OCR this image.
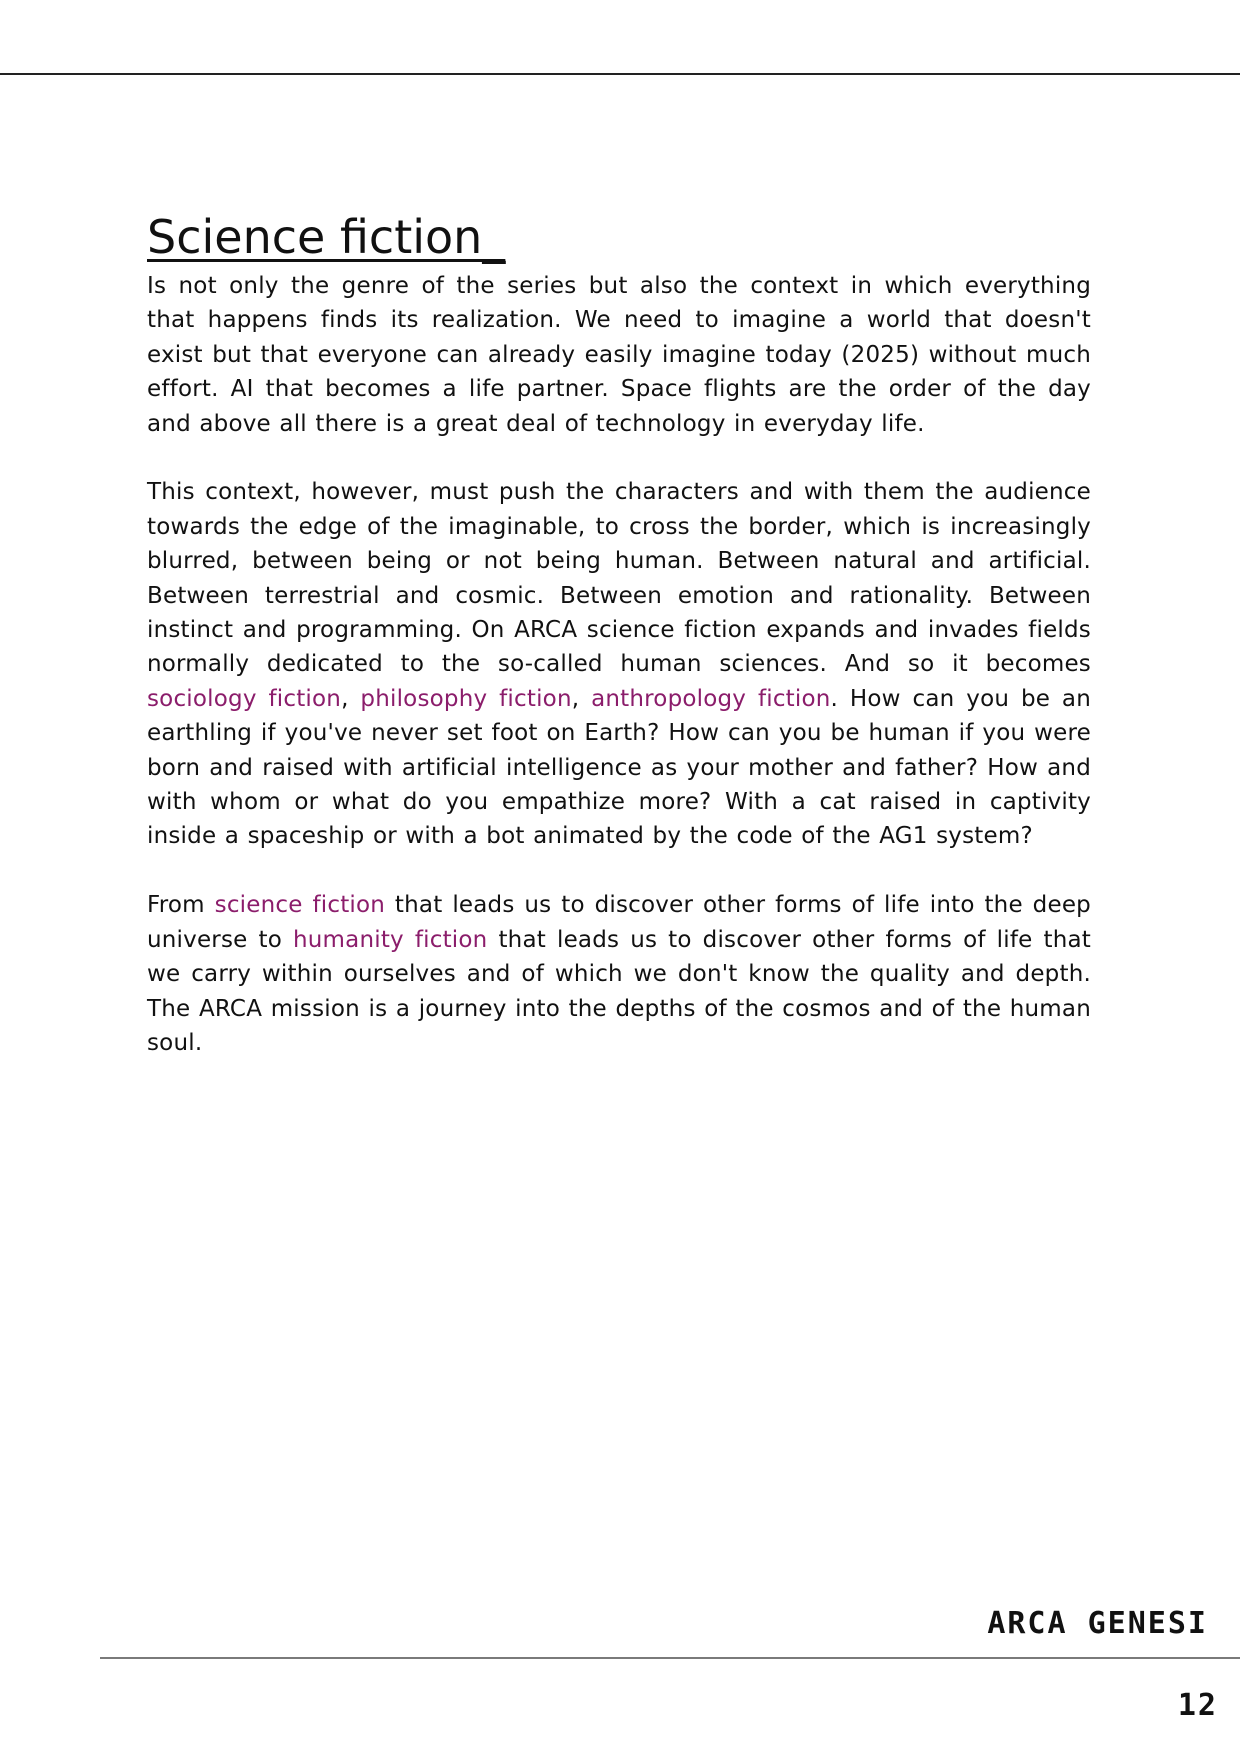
Science fiction_

Is not only the genre of the series but also the context in which everything that happens finds its realization. We need to imagine a world that doesn't exist but that everyone can already easily imagine today (2025) without much effort. AI that becomes a life partner. Space flights are the order of the day and above all there is a great deal of technology in everyday life.

This context, however, must push the characters and with them the audience towards the edge of the imaginable, to cross the border, which is increasingly blurred, between being or not being human. Between natural and artificial. Between terrestrial and cosmic. Between emotion and rationality. Between instinct and programming. On ARCA science fiction expands and invades fields normally dedicated to the so-called human sciences. And so it becomes sociology fiction, philosophy fiction, anthropology fiction. How can you be an earthling if you've never set foot on Earth? How can you be human if you were born and raised with artificial intelligence as your mother and father? How and with whom or what do you empathize more? With a cat raised in captivity inside a spaceship or with a bot animated by the code of the AG1 system?

From science fiction that leads us to discover other forms of life into the deep universe to humanity fiction that leads us to discover other forms of life that we carry within ourselves and of which we don't know the quality and depth. The ARCA mission is a journey into the depths of the cosmos and of the human soul.

ARCA GENESI
12
